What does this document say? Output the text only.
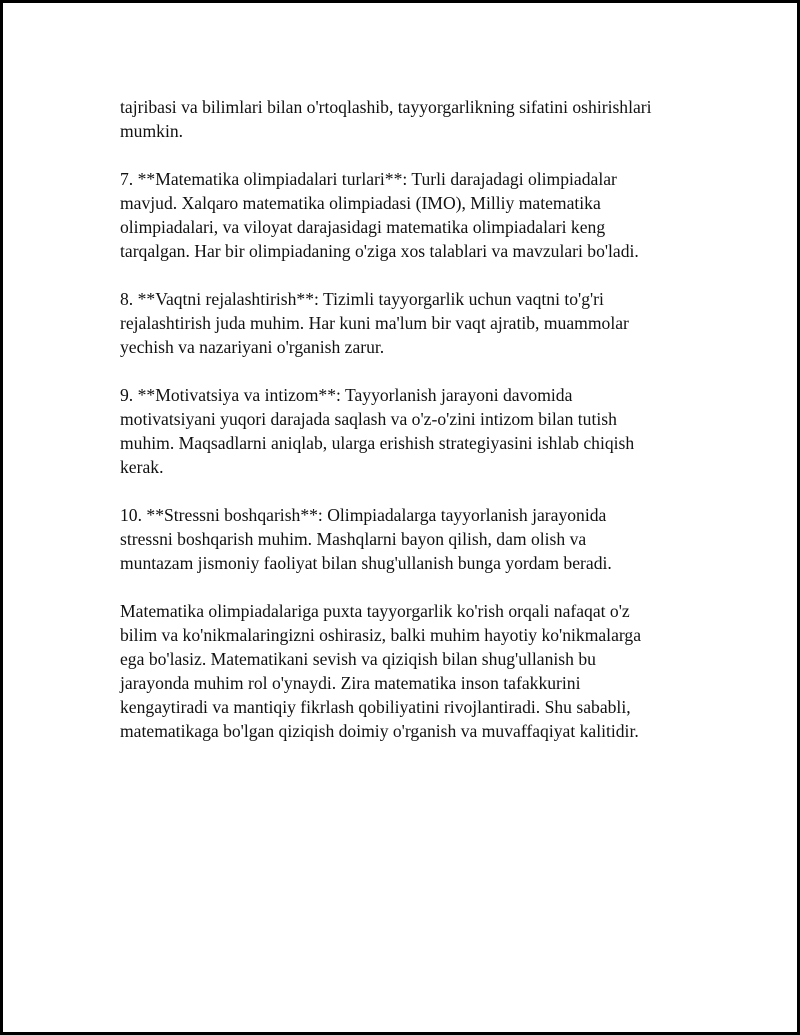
tajribasi va bilimlari bilan o'rtoqlashib, tayyorgarlikning sifatini oshirishlari
mumkin.

7. **Matematika olimpiadalari turlari**: Turli darajadagi olimpiadalar
mavjud. Xalqaro matematika olimpiadasi (IMO), Milliy matematika
olimpiadalari, va viloyat darajasidagi matematika olimpiadalari keng
tarqalgan. Har bir olimpiadaning o'ziga xos talablari va mavzulari bo'ladi.

8. **Vaqtni rejalashtirish**: Tizimli tayyorgarlik uchun vaqtni to'g'ri
rejalashtirish juda muhim. Har kuni ma'lum bir vaqt ajratib, muammolar
yechish va nazariyani o'rganish zarur.

9. **Motivatsiya va intizom**: Tayyorlanish jarayoni davomida
motivatsiyani yuqori darajada saqlash va o'z-o'zini intizom bilan tutish
muhim. Maqsadlarni aniqlab, ularga erishish strategiyasini ishlab chiqish
kerak.

10. **Stressni boshqarish**: Olimpiadalarga tayyorlanish jarayonida
stressni boshqarish muhim. Mashqlarni bayon qilish, dam olish va
muntazam jismoniy faoliyat bilan shug'ullanish bunga yordam beradi.

Matematika olimpiadalariga puxta tayyorgarlik ko'rish orqali nafaqat o'z
bilim va ko'nikmalaringizni oshirasiz, balki muhim hayotiy ko'nikmalarga
ega bo'lasiz. Matematikani sevish va qiziqish bilan shug'ullanish bu
jarayonda muhim rol o'ynaydi. Zira matematika inson tafakkurini
kengaytiradi va mantiqiy fikrlash qobiliyatini rivojlantiradi. Shu sababli,
matematikaga bo'lgan qiziqish doimiy o'rganish va muvaffaqiyat kalitidir.
